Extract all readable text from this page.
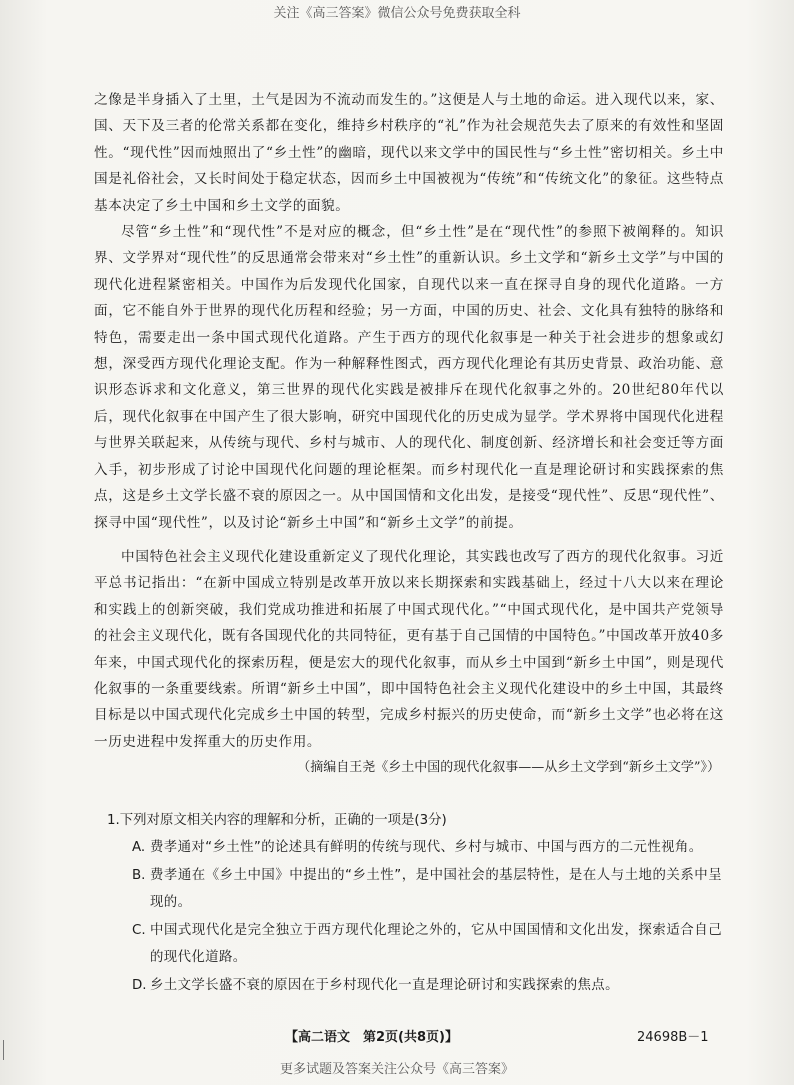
关注《高三答案》微信公众号免费获取全科

之像是半身插入了土里，土气是因为不流动而发生的。”这便是人与土地的命运。进入现代以来，家、国、天下及三者的伦常关系都在变化，维持乡村秩序的“礼”作为社会规范失去了原来的有效性和坚固性。“现代性”因而烛照出了“乡土性”的幽暗，现代以来文学中的国民性与“乡土性”密切相关。乡土中国是礼俗社会，又长时间处于稳定状态，因而乡土中国被视为“传统”和“传统文化”的象征。这些特点基本决定了乡土中国和乡土文学的面貌。

尽管“乡土性”和“现代性”不是对应的概念，但“乡土性”是在“现代性”的参照下被阐释的。知识界、文学界对“现代性”的反思通常会带来对“乡土性”的重新认识。乡土文学和“新乡土文学”与中国的现代化进程紧密相关。中国作为后发现代化国家，自现代以来一直在探寻自身的现代化道路。一方面，它不能自外于世界的现代化历程和经验；另一方面，中国的历史、社会、文化具有独特的脉络和特色，需要走出一条中国式现代化道路。产生于西方的现代化叙事是一种关于社会进步的想象或幻想，深受西方现代化理论支配。作为一种解释性图式，西方现代化理论有其历史背景、政治功能、意识形态诉求和文化意义，第三世界的现代化实践是被排斥在现代化叙事之外的。20世纪80年代以后，现代化叙事在中国产生了很大影响，研究中国现代化的历史成为显学。学术界将中国现代化进程与世界关联起来，从传统与现代、乡村与城市、人的现代化、制度创新、经济增长和社会变迁等方面入手，初步形成了讨论中国现代化问题的理论框架。而乡村现代化一直是理论研讨和实践探索的焦点，这是乡土文学长盛不衰的原因之一。从中国国情和文化出发，是接受“现代性”、反思“现代性”、探寻中国“现代性”，以及讨论“新乡土中国”和“新乡土文学”的前提。

中国特色社会主义现代化建设重新定义了现代化理论，其实践也改写了西方的现代化叙事。习近平总书记指出：“在新中国成立特别是改革开放以来长期探索和实践基础上，经过十八大以来在理论和实践上的创新突破，我们党成功推进和拓展了中国式现代化。”“中国式现代化，是中国共产党领导的社会主义现代化，既有各国现代化的共同特征，更有基于自己国情的中国特色。”中国改革开放40多年来，中国式现代化的探索历程，便是宏大的现代化叙事，而从乡土中国到“新乡土中国”，则是现代化叙事的一条重要线索。所谓“新乡土中国”，即中国特色社会主义现代化建设中的乡土中国，其最终目标是以中国式现代化完成乡土中国的转型，完成乡村振兴的历史使命，而“新乡土文学”也必将在这一历史进程中发挥重大的历史作用。

（摘编自王尧《乡土中国的现代化叙事——从乡土文学到“新乡土文学”》）

1.下列对原文相关内容的理解和分析，正确的一项是(3分)

A. 费孝通对“乡土性”的论述具有鲜明的传统与现代、乡村与城市、中国与西方的二元性视角。
B. 费孝通在《乡土中国》中提出的“乡土性”，是中国社会的基层特性，是在人与土地的关系中呈现的。
C. 中国式现代化是完全独立于西方现代化理论之外的，它从中国国情和文化出发，探索适合自己的现代化道路。
D. 乡土文学长盛不衰的原因在于乡村现代化一直是理论研讨和实践探索的焦点。
【高二语文　第2页(共8页)】	24698B－1
更多试题及答案关注公众号《高三答案》
